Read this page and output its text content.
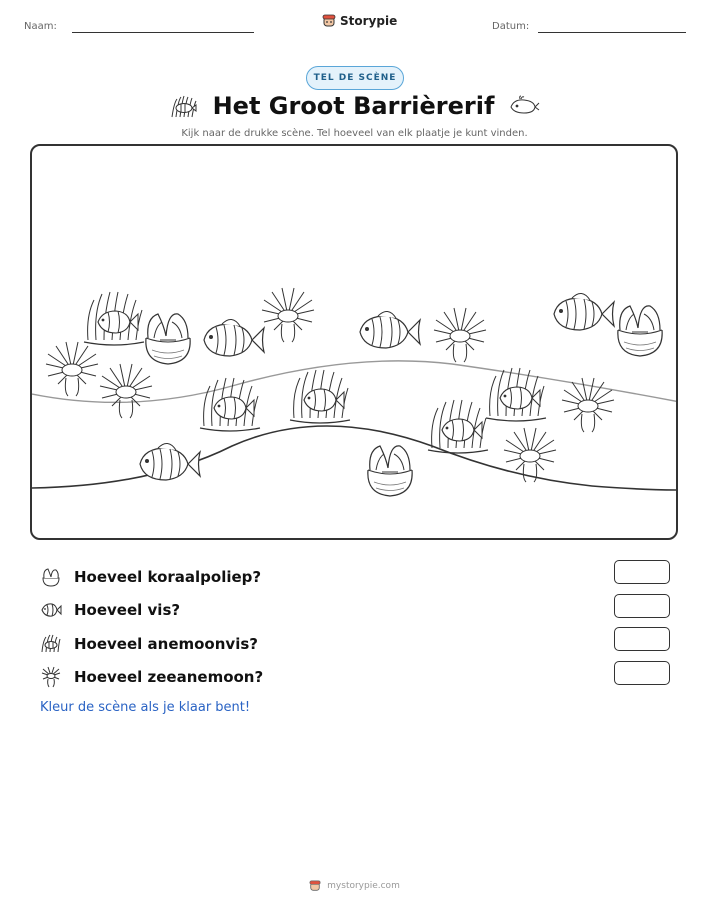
Naam:	Storypie	Datum:
TEL DE SCÈNE
Het Groot Barrièrerif
Kijk naar de drukke scène. Tel hoeveel van elk plaatje je kunt vinden.
Hoeveel koraalpoliep?
Hoeveel vis?
Hoeveel anemoonvis?
Hoeveel zeeanemoon?
Kleur de scène als je klaar bent!
mystorypie.com
